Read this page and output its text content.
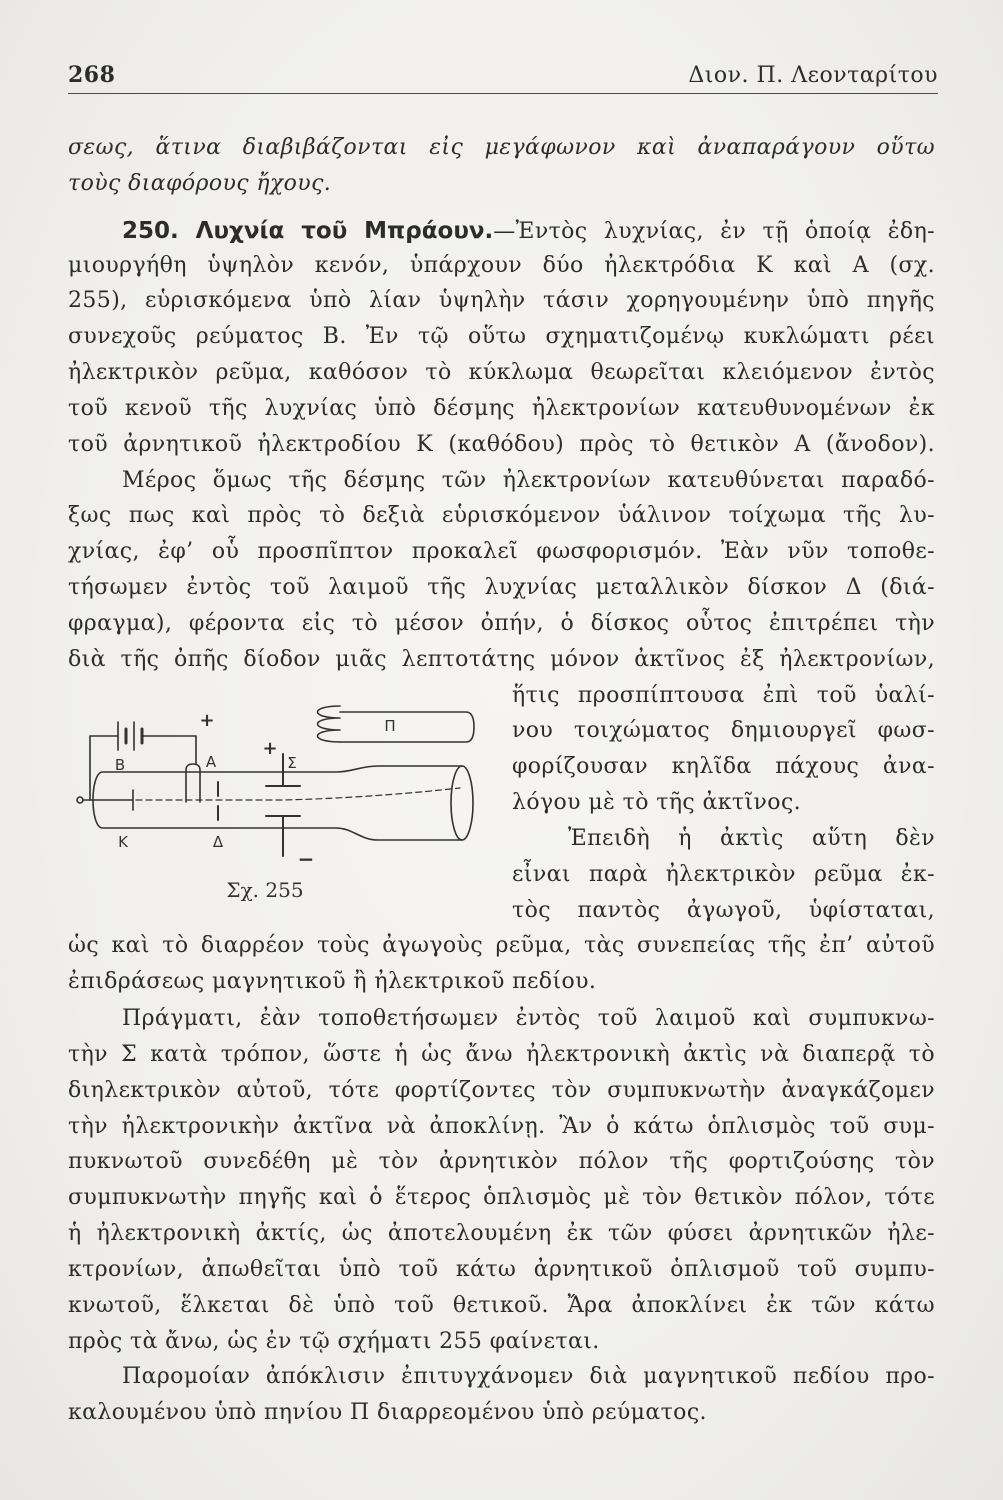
268	Διον. Π. Λεονταρίτου
σεως, ἅτινα διαβιβάζονται εἰς μεγάφωνον καὶ ἀναπαράγουν οὕτω
τοὺς διαφόρους ἤχους.
250. Λυχνία τοῦ Μπράουν.—Ἐντὸς λυχνίας, ἐν τῇ ὁποίᾳ ἐδη-
μιουργήθη ὑψηλὸν κενόν, ὑπάρχουν δύο ἠλεκτρόδια Κ καὶ Α (σχ.
255), εὑρισκόμενα ὑπὸ λίαν ὑψηλὴν τάσιν χορηγουμένην ὑπὸ πηγῆς
συνεχοῦς ρεύματος Β. Ἐν τῷ οὕτω σχηματιζομένῳ κυκλώματι ρέει
ἠλεκτρικὸν ρεῦμα, καθόσον τὸ κύκλωμα θεωρεῖται κλειόμενον ἐντὸς
τοῦ κενοῦ τῆς λυχνίας ὑπὸ δέσμης ἠλεκτρονίων κατευθυνομένων ἐκ
τοῦ ἀρνητικοῦ ἠλεκτροδίου Κ (καθόδου) πρὸς τὸ θετικὸν Α (ἄνοδον).
Μέρος ὅμως τῆς δέσμης τῶν ἠλεκτρονίων κατευθύνεται παραδό-
ξως πως καὶ πρὸς τὸ δεξιὰ εὑρισκόμενον ὑάλινον τοίχωμα τῆς λυ-
χνίας, ἐφ’ οὗ προσπῖπτον προκαλεῖ φωσφορισμόν. Ἐὰν νῦν τοποθε-
τήσωμεν ἐντὸς τοῦ λαιμοῦ τῆς λυχνίας μεταλλικὸν δίσκον Δ (διά-
φραγμα), φέροντα εἰς τὸ μέσον ὀπήν, ὁ δίσκος οὗτος ἐπιτρέπει τὴν
διὰ τῆς ὀπῆς δίοδον μιᾶς λεπτοτάτης μόνον ἀκτῖνος ἐξ ἠλεκτρονίων,
ἥτις προσπίπτουσα ἐπὶ τοῦ ὑαλί-
νου τοιχώματος δημιουργεῖ φωσ-
φορίζουσαν κηλῖδα πάχους ἀνα-
λόγου μὲ τὸ τῆς ἀκτῖνος.
Ἐπειδὴ ἡ ἀκτὶς αὕτη δὲν
εἶναι παρὰ ἠλεκτρικὸν ρεῦμα ἐκ-
τὸς παντὸς ἀγωγοῦ, ὑφίσταται,
ὡς καὶ τὸ διαρρέον τοὺς ἀγωγοὺς ρεῦμα, τὰς συνεπείας τῆς ἐπ’ αὐτοῦ
ἐπιδράσεως μαγνητικοῦ ἢ ἠλεκτρικοῦ πεδίου.
Πράγματι, ἐὰν τοποθετήσωμεν ἐντὸς τοῦ λαιμοῦ καὶ συμπυκνω-
τὴν Σ κατὰ τρόπον, ὥστε ἡ ὡς ἄνω ἠλεκτρονικὴ ἀκτὶς νὰ διαπερᾷ τὸ
διηλεκτρικὸν αὐτοῦ, τότε φορτίζοντες τὸν συμπυκνωτὴν ἀναγκάζομεν
τὴν ἠλεκτρονικὴν ἀκτῖνα νὰ ἀποκλίνῃ. Ἂν ὁ κάτω ὁπλισμὸς τοῦ συμ-
πυκνωτοῦ συνεδέθη μὲ τὸν ἀρνητικὸν πόλον τῆς φορτιζούσης τὸν
συμπυκνωτὴν πηγῆς καὶ ὁ ἕτερος ὁπλισμὸς μὲ τὸν θετικὸν πόλον, τότε
ἡ ἠλεκτρονικὴ ἀκτίς, ὡς ἀποτελουμένη ἐκ τῶν φύσει ἀρνητικῶν ἠλε-
κτρονίων, ἀπωθεῖται ὑπὸ τοῦ κάτω ἀρνητικοῦ ὁπλισμοῦ τοῦ συμπυ-
κνωτοῦ, ἕλκεται δὲ ὑπὸ τοῦ θετικοῦ. Ἄρα ἀποκλίνει ἐκ τῶν κάτω
πρὸς τὰ ἄνω, ὡς ἐν τῷ σχήματι 255 φαίνεται.
Παρομοίαν ἀπόκλισιν ἐπιτυγχάνομεν διὰ μαγνητικοῦ πεδίου προ-
καλουμένου ὑπὸ πηνίου Π διαρρεομένου ὑπὸ ρεύματος.
Β
+
Α
Κ	Δ
+
Σ
−
Π
Σχ. 255
